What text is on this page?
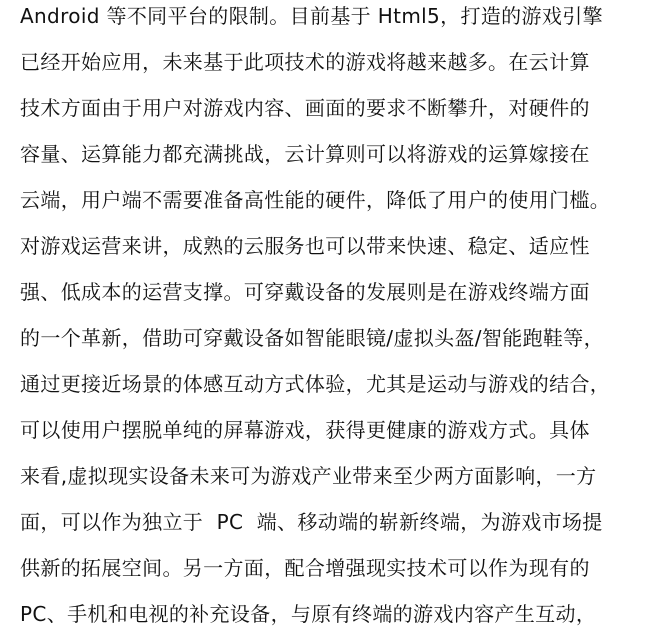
Android 等不同平台的限制。目前基于 Html5，打造的游戏引擎
已经开始应用，未来基于此项技术的游戏将越来越多。在云计算
技术方面由于用户对游戏内容、画面的要求不断攀升，对硬件的
容量、运算能力都充满挑战，云计算则可以将游戏的运算嫁接在
云端，用户端不需要准备高性能的硬件，降低了用户的使用门槛。
对游戏运营来讲，成熟的云服务也可以带来快速、稳定、适应性
强、低成本的运营支撑。可穿戴设备的发展则是在游戏终端方面
的一个革新，借助可穿戴设备如智能眼镜/虚拟头盔/智能跑鞋等，
通过更接近场景的体感互动方式体验，尤其是运动与游戏的结合，
可以使用户摆脱单纯的屏幕游戏，获得更健康的游戏方式。具体
来看,虚拟现实设备未来可为游戏产业带来至少两方面影响，一方
面，可以作为独立于  PC  端、移动端的崭新终端，为游戏市场提
供新的拓展空间。另一方面，配合增强现实技术可以作为现有的
PC、手机和电视的补充设备，与原有终端的游戏内容产生互动，
